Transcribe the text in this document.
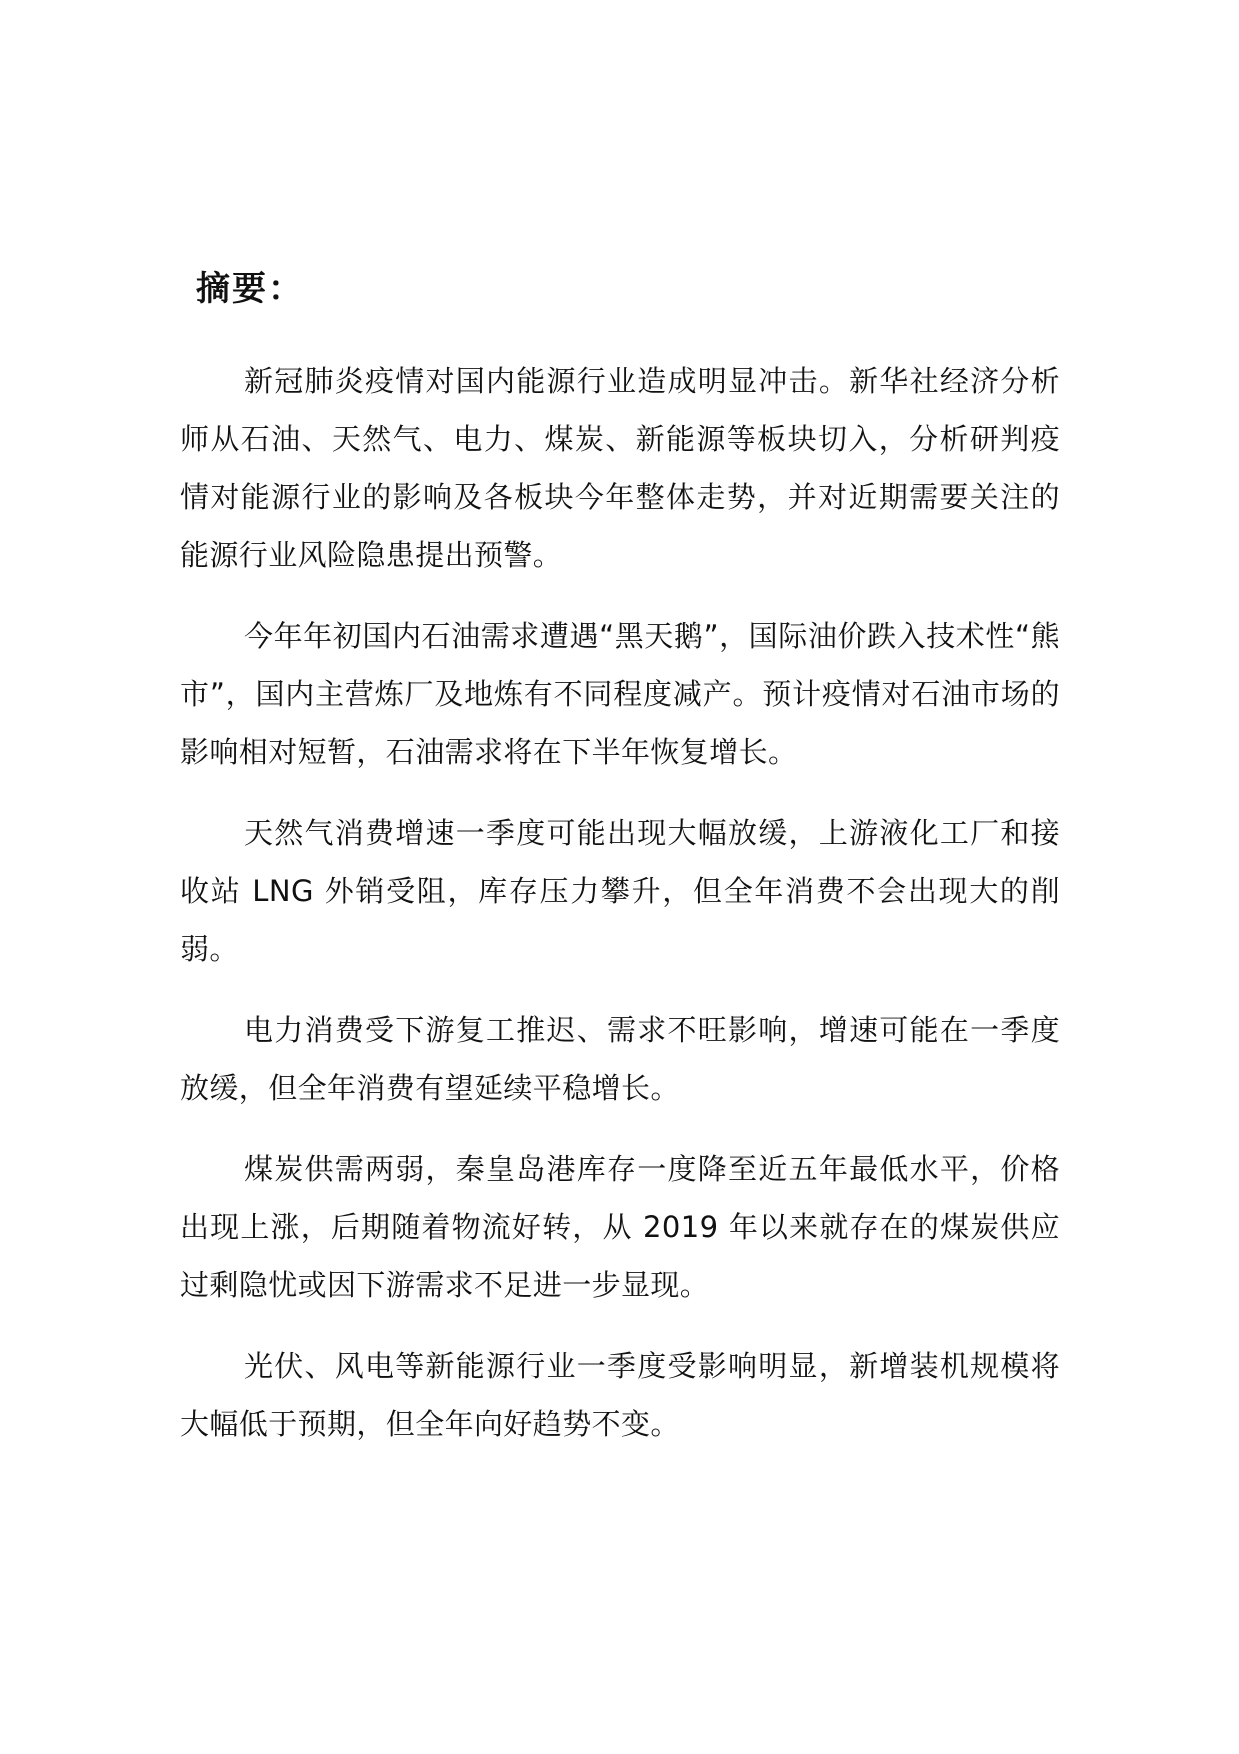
摘要：

新冠肺炎疫情对国内能源行业造成明显冲击。新华社经济分析师从石油、天然气、电力、煤炭、新能源等板块切入，分析研判疫情对能源行业的影响及各板块今年整体走势，并对近期需要关注的能源行业风险隐患提出预警。

今年年初国内石油需求遭遇“黑天鹅”，国际油价跌入技术性“熊市”，国内主营炼厂及地炼有不同程度减产。预计疫情对石油市场的影响相对短暂，石油需求将在下半年恢复增长。

天然气消费增速一季度可能出现大幅放缓，上游液化工厂和接收站 LNG 外销受阻，库存压力攀升，但全年消费不会出现大的削弱。

电力消费受下游复工推迟、需求不旺影响，增速可能在一季度放缓，但全年消费有望延续平稳增长。

煤炭供需两弱，秦皇岛港库存一度降至近五年最低水平，价格出现上涨，后期随着物流好转，从 2019 年以来就存在的煤炭供应过剩隐忧或因下游需求不足进一步显现。

光伏、风电等新能源行业一季度受影响明显，新增装机规模将大幅低于预期，但全年向好趋势不变。
